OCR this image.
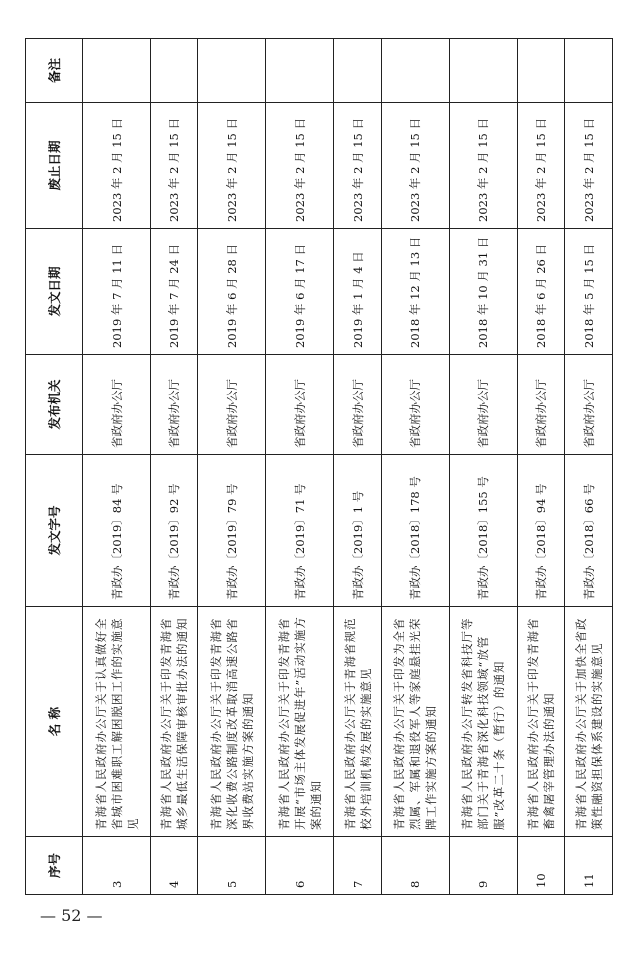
序号	名 称	发文字号	发布机关	发文日期	废止日期	备注
3	青海省人民政府办公厅关于认真做好全省城市困难职工解困脱困工作的实施意见	青政办〔2019〕84 号	省政府办公厅	2019 年 7 月 11 日	2023 年 2 月 15 日	
4	青海省人民政府办公厅关于印发青海省城乡最低生活保障审核审批办法的通知	青政办〔2019〕92 号	省政府办公厅	2019 年 7 月 24 日	2023 年 2 月 15 日	
5	青海省人民政府办公厅关于印发青海省深化收费公路制度改革取消高速公路省界收费站实施方案的通知	青政办〔2019〕79 号	省政府办公厅	2019 年 6 月 28 日	2023 年 2 月 15 日	
6	青海省人民政府办公厅关于印发青海省开展“市场主体发展促进年”活动实施方案的通知	青政办〔2019〕71 号	省政府办公厅	2019 年 6 月 17 日	2023 年 2 月 15 日	
7	青海省人民政府办公厅关于青海省规范校外培训机构发展的实施意见	青政办〔2019〕1 号	省政府办公厅	2019 年 1 月 4 日	2023 年 2 月 15 日	
8	青海省人民政府办公厅关于印发为全省烈属、军属和退役军人等家庭悬挂光荣牌工作实施方案的通知	青政办〔2018〕178 号	省政府办公厅	2018 年 12 月 13 日	2023 年 2 月 15 日	
9	青海省人民政府办公厅转发省科技厅等部门关于青海省深化科技领域“放管服”改革二十条（暂行）的通知	青政办〔2018〕155 号	省政府办公厅	2018 年 10 月 31 日	2023 年 2 月 15 日	
10	青海省人民政府办公厅关于印发青海省畜禽屠宰管理办法的通知	青政办〔2018〕94 号	省政府办公厅	2018 年 6 月 26 日	2023 年 2 月 15 日	
11	青海省人民政府办公厅关于加快全省政策性融资担保体系建设的实施意见	青政办〔2018〕66 号	省政府办公厅	2018 年 5 月 15 日	2023 年 2 月 15 日	
— 52 —
